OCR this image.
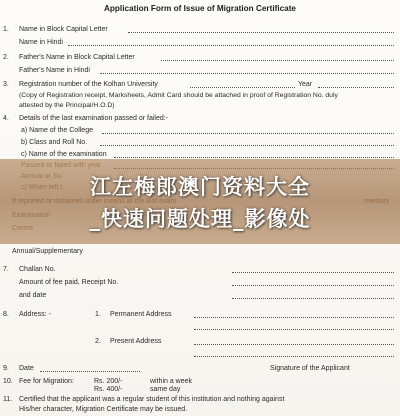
Application Form of Issue of Migration Certificate
1. Name in Block Capital Letter
Name in Hindi
2. Father's Name in Block Capital Letter
Father's Name in Hindi
3. Registration number of the Kolhan University	Year
(Copy of Registration receipt, Marksheets, Admit Card should be attached in proof of Registration No. duly
attested by the Principal/H.O.D)
4. Details of the last examination passed or failed:-
a) Name of the College
b) Class and Roll No.
c) Name of the examination
江左梅郎澳门资料大全
_快速问题处理_影像处
Annual/Supplementary
7. Challan No.
Amount of fee paid, Receipt No.
and date
8. Address: -	1. Permanent Address
2. Present Address
9. Date	Signature of the Applicant
10. Fee for Migration:	Rs. 200/-	within a week
Rs. 400/-	same day
11. Certified that the applicant was a regular student of this institution and nothing against
His/her character, Migration Certificate may be issued.
